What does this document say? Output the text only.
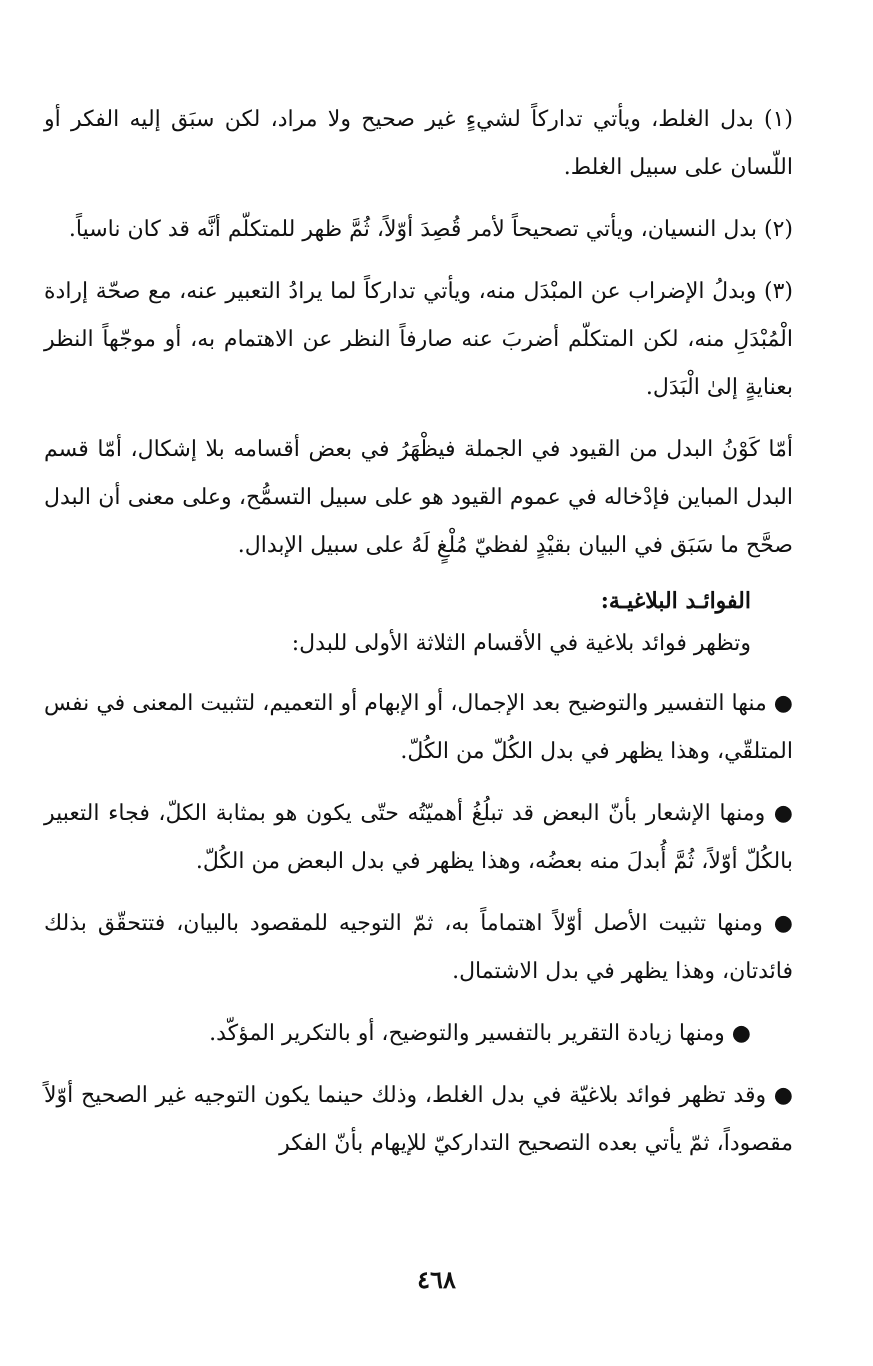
(١) بدل الغلط، ويأتي تداركاً لشيءٍ غير صحيح ولا مراد، لكن سبَق إليه الفكر أو اللّسان على سبيل الغلط.

(٢) بدل النسيان، ويأتي تصحيحاً لأمر قُصِدَ أوّلاً، ثُمَّ ظهر للمتكلّم أنَّه قد كان ناسياً.

(٣) وبدلُ الإضراب عن المبْدَل منه، ويأتي تداركاً لما يرادُ التعبير عنه، مع صحّة إرادة الْمُبْدَلِ منه، لكن المتكلّم أضربَ عنه صارفاً النظر عن الاهتمام به، أو موجّهاً النظر بعنايةٍ إلىٰ الْبَدَل.

أمّا كَوْنُ البدل من القيود في الجملة فيظْهَرُ في بعض أقسامه بلا إشكال، أمّا قسم البدل المباين فإدْخاله في عموم القيود هو على سبيل التسمُّح، وعلى معنى أن البدل صحَّح ما سَبَق في البيان بقيْدٍ لفظيّ مُلْغٍ لَهُ على سبيل الإبدال.

الفوائـد البلاغيـة:

وتظهر فوائد بلاغية في الأقسام الثلاثة الأولى للبدل:

● منها التفسير والتوضيح بعد الإجمال، أو الإبهام أو التعميم، لتثبيت المعنى في نفس المتلقّي، وهذا يظهر في بدل الكُلّ من الكُلّ.

● ومنها الإشعار بأنّ البعض قد تبلُغُ أهميّتُه حتّى يكون هو بمثابة الكلّ، فجاء التعبير بالكُلّ أوّلاً، ثُمَّ أُبدلَ منه بعضُه، وهذا يظهر في بدل البعض من الكُلّ.

● ومنها تثبيت الأصل أوّلاً اهتماماً به، ثمّ التوجيه للمقصود بالبيان، فتتحقّق بذلك فائدتان، وهذا يظهر في بدل الاشتمال.

● ومنها زيادة التقرير بالتفسير والتوضيح، أو بالتكرير المؤكّد.

● وقد تظهر فوائد بلاغيّة في بدل الغلط، وذلك حينما يكون التوجيه غير الصحيح أوّلاً مقصوداً، ثمّ يأتي بعده التصحيح التداركيّ للإيهام بأنّ الفكر

٤٦٨
